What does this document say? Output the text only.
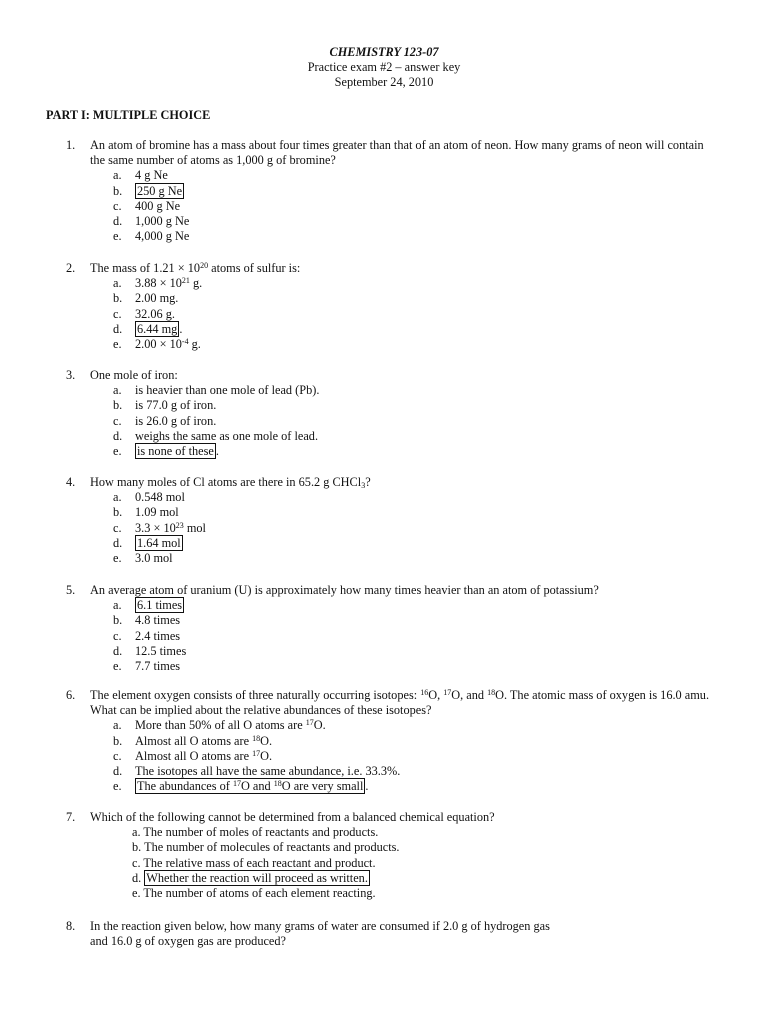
CHEMISTRY 123-07
Practice exam #2 – answer key
September 24, 2010
PART I: MULTIPLE CHOICE
1. An atom of bromine has a mass about four times greater than that of an atom of neon. How many grams of neon will contain
the same number of atoms as 1,000 g of bromine?
a. 4 g Ne
b. 250 g Ne
c. 400 g Ne
d. 1,000 g Ne
e. 4,000 g Ne
2. The mass of $1.21 \times 10^{20}$ atoms of sulfur is:
a. $3.88 \times 10^{21}$ g.
b. 2.00 mg.
c. 32.06 g.
d. 6.44 mg .
e. $2.00 \times 10^{-4}$ g.
3. One mole of iron:
a. is heavier than one mole of lead (Pb).
b. is 77.0 g of iron.
c. is 26.0 g of iron.
d. weighs the same as one mole of lead.
e. is none of these .
4. How many moles of Cl atoms are there in 65.2 g CHCl$_3$?
a. 0.548 mol
b. 1.09 mol
c. $3.3 \times 10^{23}$ mol
d. 1.64 mol
e. 3.0 mol
5. An average atom of uranium (U) is approximately how many times heavier than an atom of potassium?
a. 6.1 times
b. 4.8 times
c. 2.4 times
d. 12.5 times
e. 7.7 times
6. The element oxygen consists of three naturally occurring isotopes: $^{16}$O, $^{17}$O, and $^{18}$O. The atomic mass of oxygen is 16.0 amu.
What can be implied about the relative abundances of these isotopes?
a. More than 50% of all O atoms are $^{17}$O.
b. Almost all O atoms are $^{18}$O.
c. Almost all O atoms are $^{17}$O.
d. The isotopes all have the same abundance, i.e. 33.3%.
e. The abundances of $^{17}$O and $^{18}$O are very small .
7. Which of the following cannot be determined from a balanced chemical equation?
a. The number of moles of reactants and products.
b. The number of molecules of reactants and products.
c. The relative mass of each reactant and product.
d. Whether the reaction will proceed as written.
e. The number of atoms of each element reacting.
8. In the reaction given below, how many grams of water are consumed if 2.0 g of hydrogen gas
and 16.0 g of oxygen gas are produced?
